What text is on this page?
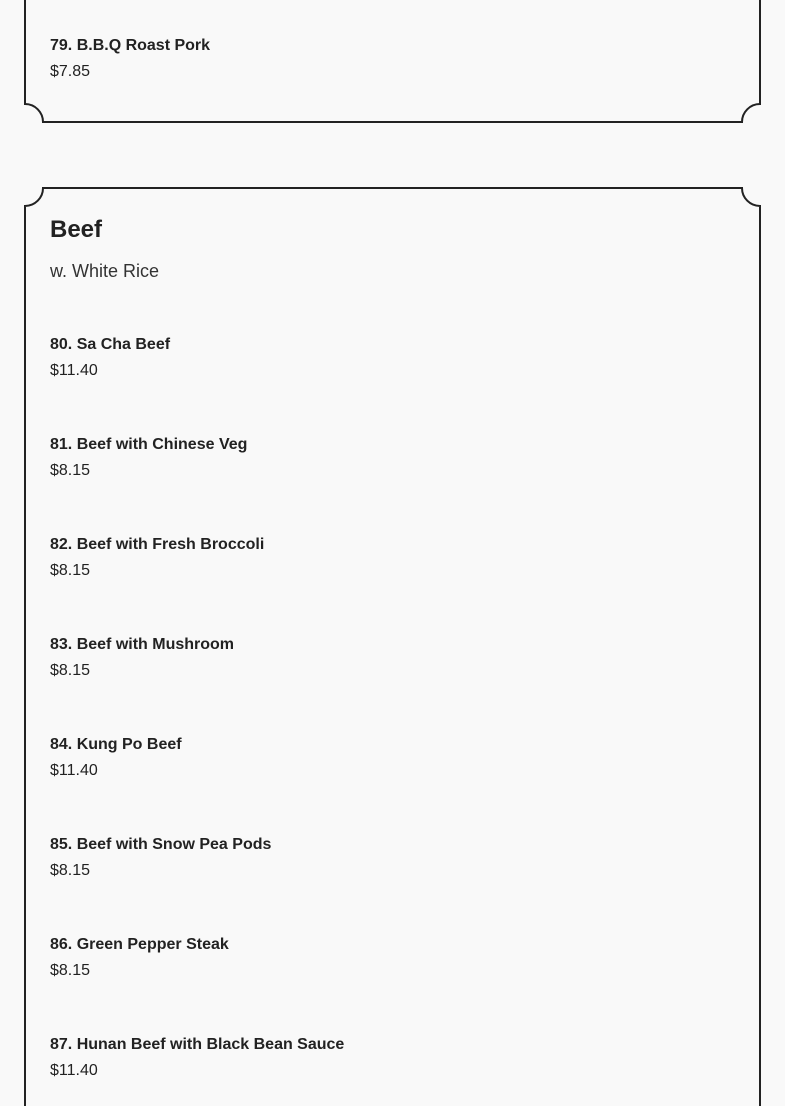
79. B.B.Q Roast Pork
$7.85
Beef
w. White Rice
80. Sa Cha Beef
$11.40
81. Beef with Chinese Veg
$8.15
82. Beef with Fresh Broccoli
$8.15
83. Beef with Mushroom
$8.15
84. Kung Po Beef
$11.40
85. Beef with Snow Pea Pods
$8.15
86. Green Pepper Steak
$8.15
87. Hunan Beef with Black Bean Sauce
$11.40
